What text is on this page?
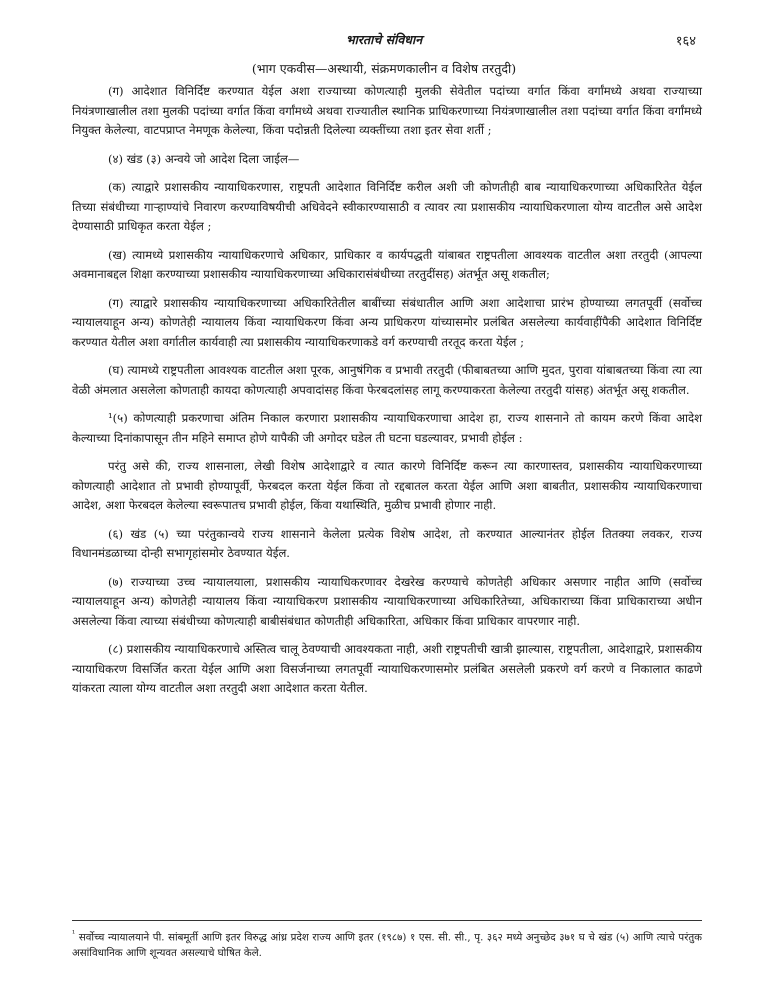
भारताचे संविधान	१६४
(भाग एकवीस—अस्थायी, संक्रमणकालीन व विशेष तरतुदी)

(ग) आदेशात विनिर्दिष्ट करण्यात येईल अशा राज्याच्या कोणत्याही मुलकी सेवेतील पदांच्या वर्गात किंवा वर्गांमध्ये अथवा राज्याच्या नियंत्रणाखालील तशा मुलकी पदांच्या वर्गात किंवा वर्गांमध्ये अथवा राज्यातील स्थानिक प्राधिकरणाच्या नियंत्रणाखालील तशा पदांच्या वर्गात किंवा वर्गांमध्ये नियुक्त केलेल्या, वाटपप्राप्त नेमणूक केलेल्या, किंवा पदोन्नती दिलेल्या व्यक्तींच्या तशा इतर सेवा शर्ती ;

(४) खंड (३) अन्वये जो आदेश दिला जाईल—

(क) त्याद्वारे प्रशासकीय न्यायाधिकरणास, राष्ट्रपती आदेशात विनिर्दिष्ट करील अशी जी कोणतीही बाब न्यायाधिकरणाच्या अधिकारितेत येईल तिच्या संबंधीच्या गाऱ्हाण्यांचे निवारण करण्याविषयीची अधिवेदने स्वीकारण्यासाठी व त्यावर त्या प्रशासकीय न्यायाधिकरणाला योग्य वाटतील असे आदेश देण्यासाठी प्राधिकृत करता येईल ;

(ख) त्यामध्ये प्रशासकीय न्यायाधिकरणाचे अधिकार, प्राधिकार व कार्यपद्धती यांबाबत राष्ट्रपतीला आवश्यक वाटतील अशा तरतुदी (आपल्या अवमानाबद्दल शिक्षा करण्याच्या प्रशासकीय न्यायाधिकरणाच्या अधिकारासंबंधीच्या तरतुदींसह) अंतर्भूत असू शकतील;

(ग) त्याद्वारे प्रशासकीय न्यायाधिकरणाच्या अधिकारितेतील बाबींच्या संबंधातील आणि अशा आदेशाचा प्रारंभ होण्याच्या लगतपूर्वी (सर्वोच्च न्यायालयाहून अन्य) कोणतेही न्यायालय किंवा न्यायाधिकरण किंवा अन्य प्राधिकरण यांच्यासमोर प्रलंबित असलेल्या कार्यवाहींपैकी आदेशात विनिर्दिष्ट करण्यात येतील अशा वर्गातील कार्यवाही त्या प्रशासकीय न्यायाधिकरणाकडे वर्ग करण्याची तरतूद करता येईल ;

(घ) त्यामध्ये राष्ट्रपतीला आवश्यक वाटतील अशा पूरक, आनुषंगिक व प्रभावी तरतुदी (फीबाबतच्या आणि मुदत, पुरावा यांबाबतच्या किंवा त्या त्या वेळी अंमलात असलेला कोणताही कायदा कोणत्याही अपवादांसह किंवा फेरबदलांसह लागू करण्याकरता केलेल्या तरतुदी यांसह) अंतर्भूत असू शकतील.

¹(५) कोणत्याही प्रकरणाचा अंतिम निकाल करणारा प्रशासकीय न्यायाधिकरणाचा आदेश हा, राज्य शासनाने तो कायम करणे किंवा आदेश केल्याच्या दिनांकापासून तीन महिने समाप्त होणे यापैकी जी अगोदर घडेल ती घटना घडल्यावर, प्रभावी होईल :

परंतु असे की, राज्य शासनाला, लेखी विशेष आदेशाद्वारे व त्यात कारणे विनिर्दिष्ट करून त्या कारणास्तव, प्रशासकीय न्यायाधिकरणाच्या कोणत्याही आदेशात तो प्रभावी होण्यापूर्वी, फेरबदल करता येईल किंवा तो रद्दबातल करता येईल आणि अशा बाबतीत, प्रशासकीय न्यायाधिकरणाचा आदेश, अशा फेरबदल केलेल्या स्वरूपातच प्रभावी होईल, किंवा यथास्थिति, मुळीच प्रभावी होणार नाही.

(६) खंड (५) च्या परंतुकान्वये राज्य शासनाने केलेला प्रत्येक विशेष आदेश, तो करण्यात आल्यानंतर होईल तितक्या लवकर, राज्य विधानमंडळाच्या दोन्ही सभागृहांसमोर ठेवण्यात येईल.

(७) राज्याच्या उच्च न्यायालयाला, प्रशासकीय न्यायाधिकरणावर देखरेख करण्याचे कोणतेही अधिकार असणार नाहीत आणि (सर्वोच्च न्यायालयाहून अन्य) कोणतेही न्यायालय किंवा न्यायाधिकरण प्रशासकीय न्यायाधिकरणाच्या अधिकारितेच्या, अधिकाराच्या किंवा प्राधिकाराच्या अधीन असलेल्या किंवा त्याच्या संबंधीच्या कोणत्याही बाबीसंबंधात कोणतीही अधिकारिता, अधिकार किंवा प्राधिकार वापरणार नाही.

(८) प्रशासकीय न्यायाधिकरणाचे अस्तित्व चालू ठेवण्याची आवश्यकता नाही, अशी राष्ट्रपतीची खात्री झाल्यास, राष्ट्रपतीला, आदेशाद्वारे, प्रशासकीय न्यायाधिकरण विसर्जित करता येईल आणि अशा विसर्जनाच्या लगतपूर्वी न्यायाधिकरणासमोर प्रलंबित असलेली प्रकरणे वर्ग करणे व निकालात काढणे यांकरता त्याला योग्य वाटतील अशा तरतुदी अशा आदेशात करता येतील.

$^{^1}$ सर्वोच्च न्यायालयाने पी. सांबमूर्ती आणि इतर विरुद्ध आंध्र प्रदेश राज्य आणि इतर (१९८७) १ एस. सी. सी., पृ. ३६२ मध्ये अनुच्छेद ३७१ घ चे खंड (५) आणि त्याचे परंतुक असांविधानिक आणि शून्यवत असल्याचे घोषित केले.
